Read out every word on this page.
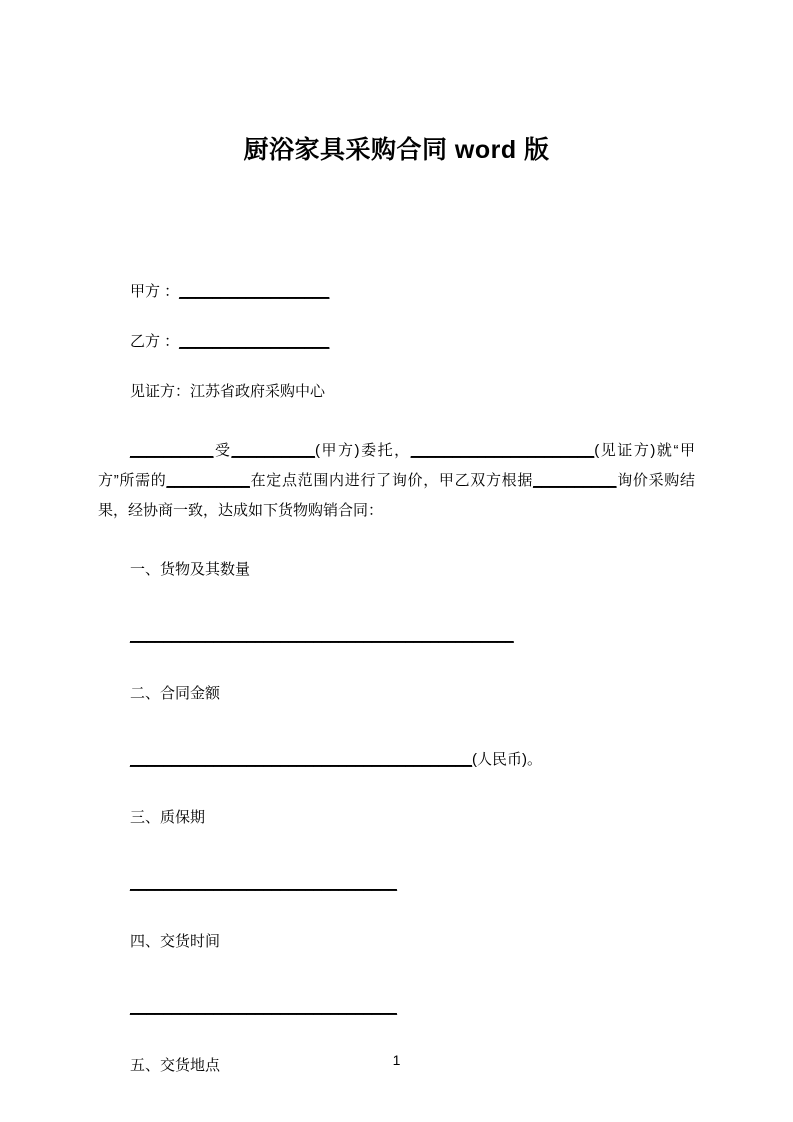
厨浴家具采购合同 word 版

甲方 ：__________________

乙方 ：__________________

见证方：江苏省政府采购中心

__________受__________(甲方)委托，______________________(见证方)就“甲方”所需的__________在定点范围内进行了询价，甲乙双方根据__________询价采购结果，经协商一致，达成如下货物购销合同：

一、货物及其数量

______________________________________________

二、合同金额

_________________________________________(人民币)。

三、质保期

________________________________

四、交货时间

________________________________

五、交货地点	1
